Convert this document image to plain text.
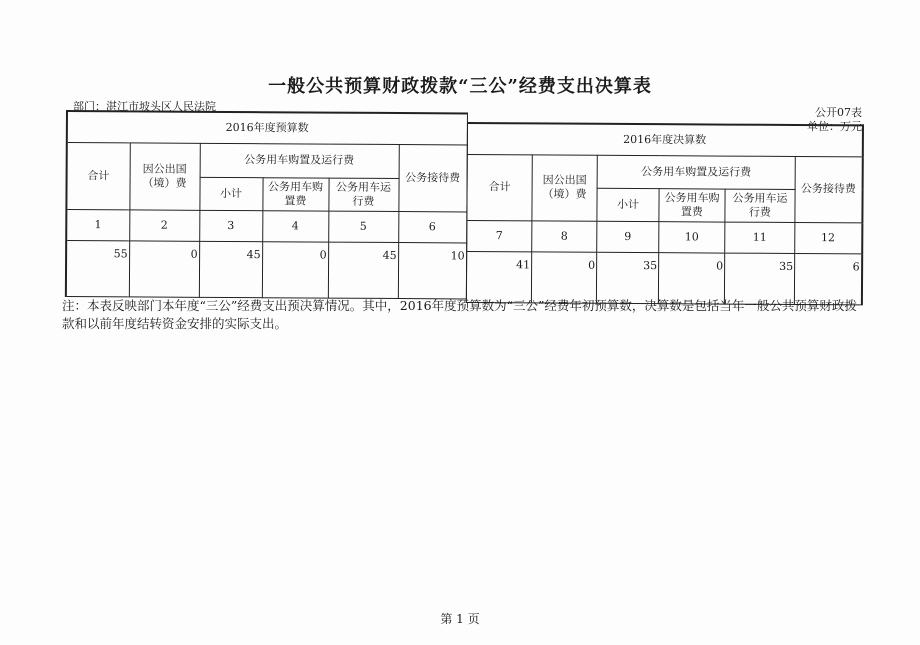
一般公共预算财政拨款“三公”经费支出决算表
部门：湛江市坡头区人民法院	公开07表
单位：万元
2016年度预算数					
合计	因公出国（境）费	公务用车购置及运行费			公务接待费
		小计	公务用车购置费	公务用车运行费	
1	2	3	4	5	6
55	0	45	0	45	10
2016年度决算数					
合计	因公出国（境）费	公务用车购置及运行费			公务接待费
		小计	公务用车购置费	公务用车运行费	
7	8	9	10	11	12
41	0	35	0	35	6
注：本表反映部门本年度“三公”经费支出预决算情况。其中，2016年度预算数为“三公”经费年初预算数，决算数是包括当年一般公共预算财政拨款和以前年度结转资金安排的实际支出。
第 1 页
